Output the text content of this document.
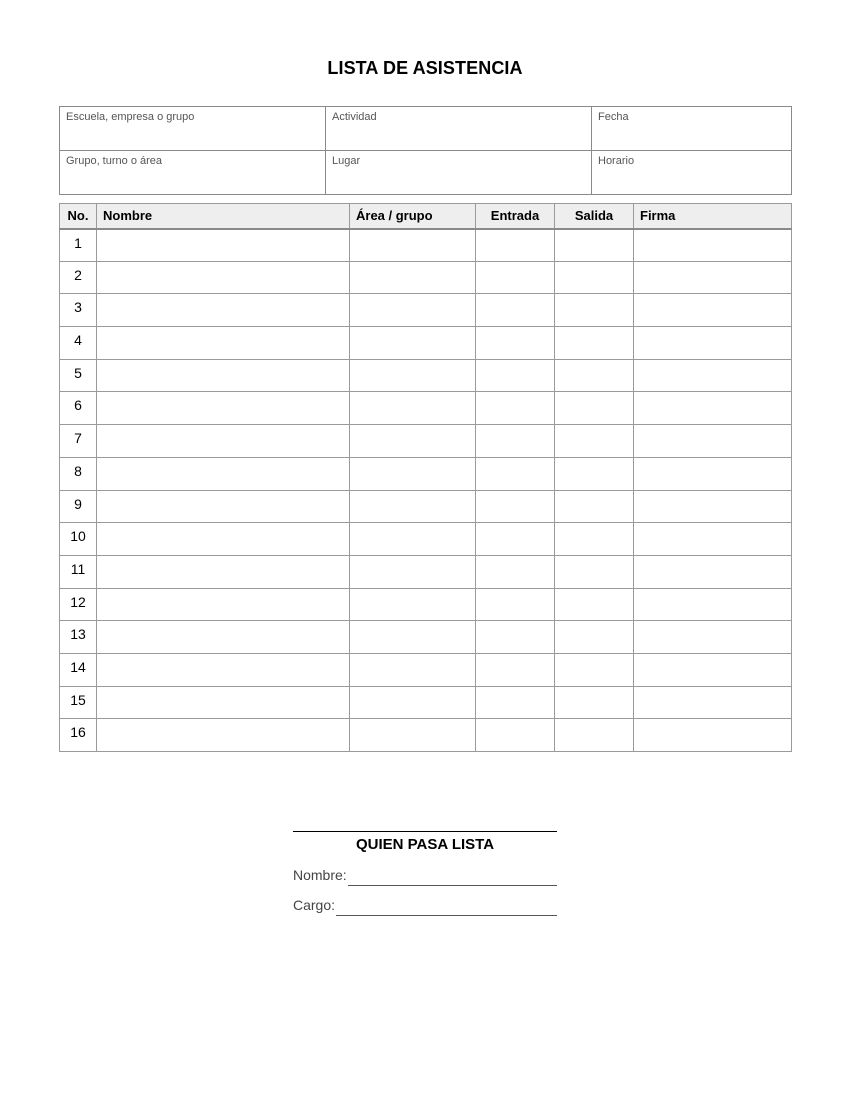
LISTA DE ASISTENCIA
Escuela, empresa o grupo	Actividad	Fecha
Grupo, turno o área	Lugar	Horario
No.	Nombre	Área / grupo	Entrada	Salida	Firma
1					
2					
3					
4					
5					
6					
7					
8					
9					
10					
11					
12					
13					
14					
15					
16					
QUIEN PASA LISTA
Nombre:
Cargo:
